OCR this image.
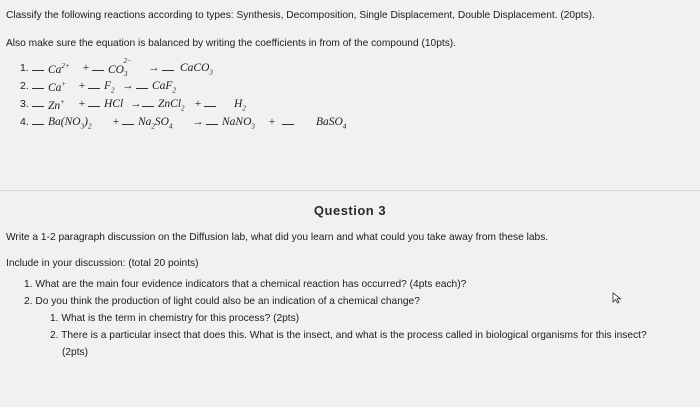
Classify the following reactions according to types: Synthesis, Decomposition, Single Displacement, Double Displacement. (20pts).
Also make sure the equation is balanced by writing the coefficients in from of the compound (10pts).
1. $Ca^{2+} + CO_3^{2-}$
→ CaCO$_3$
2. $Ca^+ + F_2 \to CaF_2$
3. Zn+ + HCl → ZnCl$_2$ +	$H_2$
4. $Ba(NO_3)_2 + Na_2SO_4$ → NaNO$_3$ +	BaSO$_4$
Question 3
Write a 1-2 paragraph discussion on the Diffusion lab, what did you learn and what could you take away from these labs.
Include in your discussion: (total 20 points)
1. What are the main four evidence indicators that a chemical reaction has occurred? (4pts each)?
2. Do you think the production of light could also be an indication of a chemical change?
1. What is the term in chemistry for this process? (2pts)
2. There is a particular insect that does this. What is the insect, and what is the process called in biological organisms for this insect?
(2pts)
